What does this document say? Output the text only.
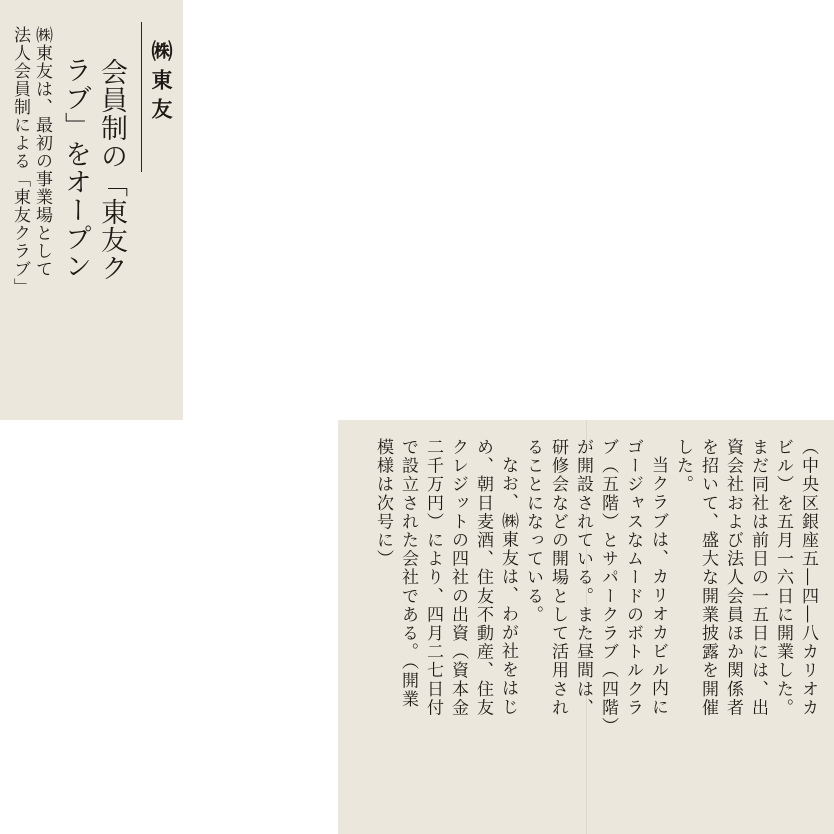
㈱東友
会員制の「東友ク
ラブ」をオープン
㈱東友は、最初の事業場として
法人会員制による「東友クラブ」
（中央区銀座五―四―八カリオカ
ビル）を五月一六日に開業した。
まだ同社は前日の一五日には、出
資会社および法人会員ほか関係者
を招いて、盛大な開業披露を開催
した。
当クラブは、カリオカビル内に
ゴージャスなムードのボトルクラ
ブ（五階）とサパークラブ（四階）
が開設されている。また昼間は、
研修会などの開場として活用され
ることになっている。
なお、㈱東友は、わが社をはじ
め、朝日麦酒、住友不動産、住友
クレジットの四社の出資（資本金
二千万円）により、四月二七日付
で設立された会社である。（開業
模様は次号に）
